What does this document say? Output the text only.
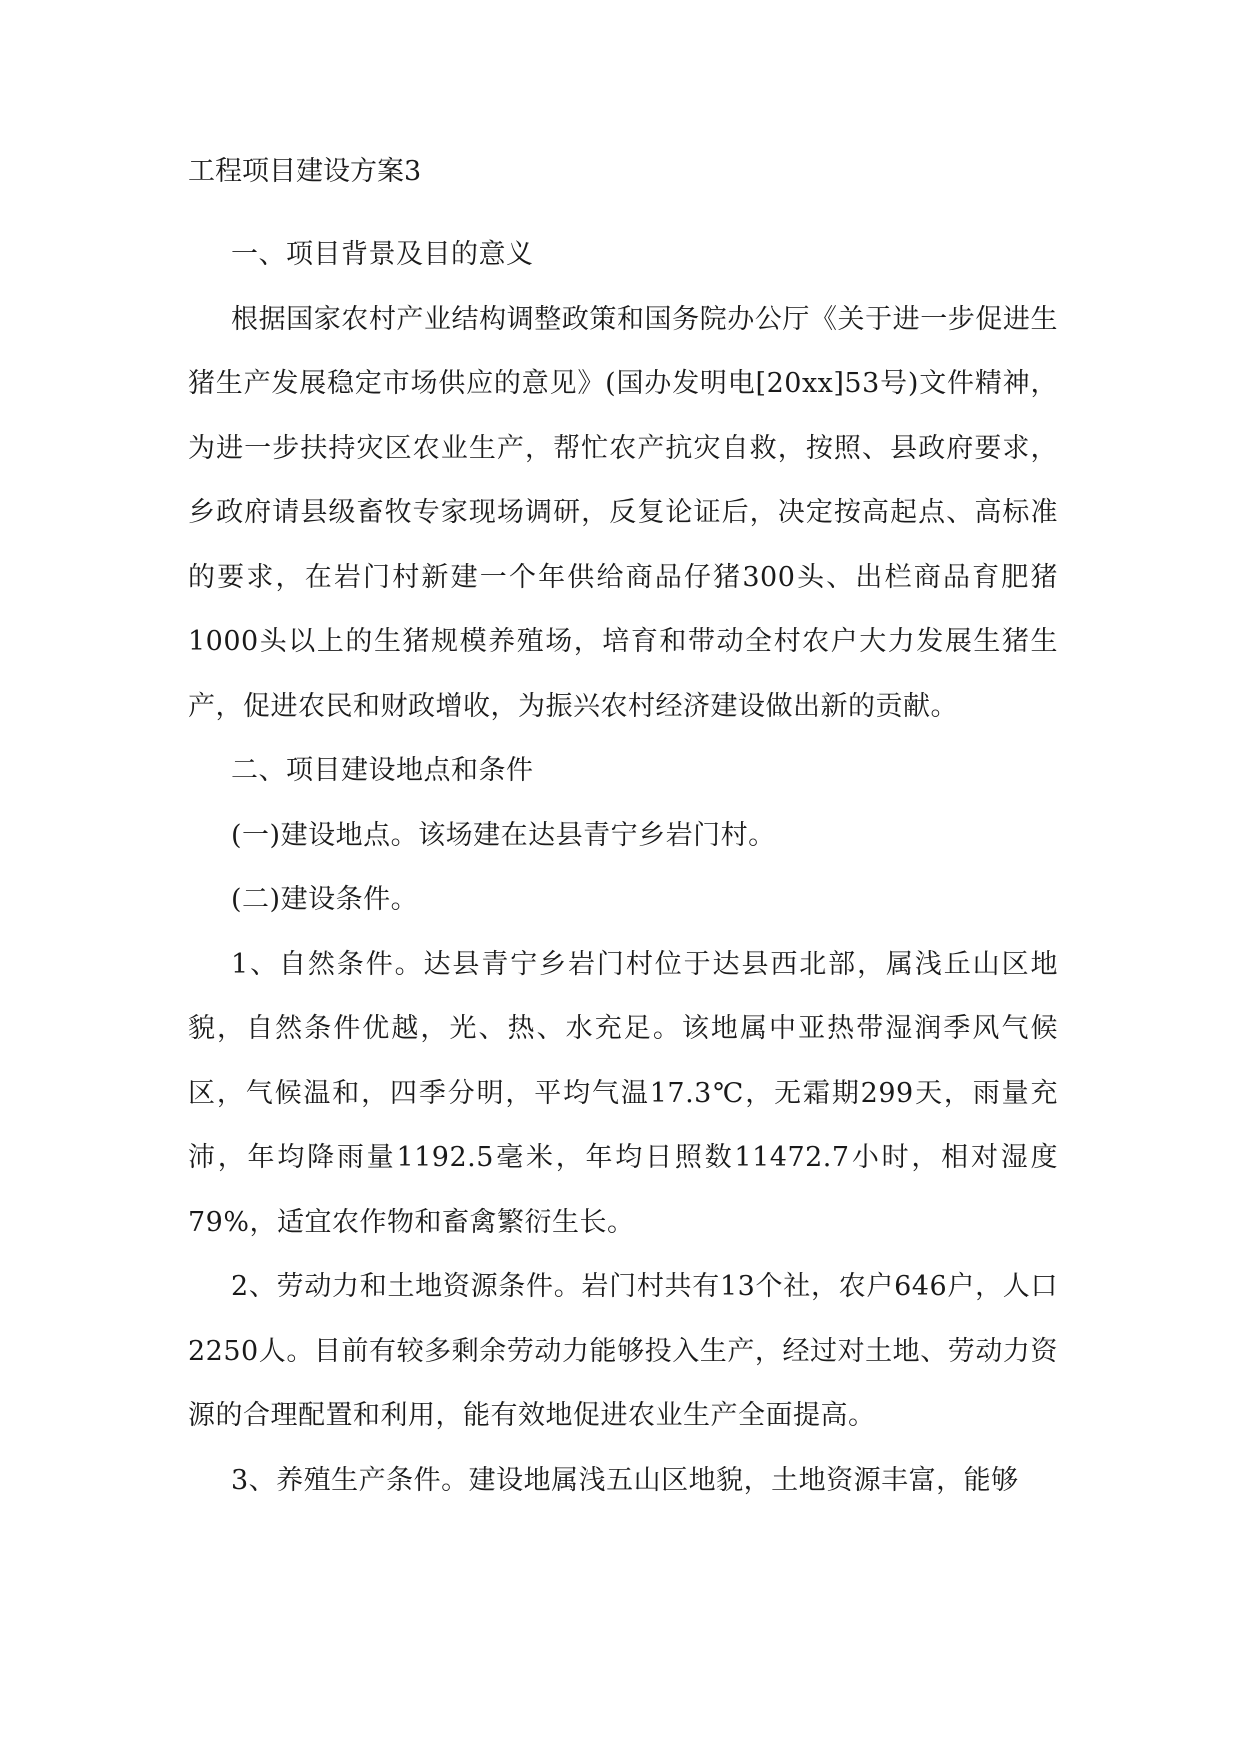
工程项目建设方案3

一、项目背景及目的意义

根据国家农村产业结构调整政策和国务院办公厅《关于进一步促进生猪生产发展稳定市场供应的意见》(国办发明电[20xx]53号)文件精神，为进一步扶持灾区农业生产，帮忙农产抗灾自救，按照、县政府要求，乡政府请县级畜牧专家现场调研，反复论证后，决定按高起点、高标准的要求，在岩门村新建一个年供给商品仔猪300头、出栏商品育肥猪1000头以上的生猪规模养殖场，培育和带动全村农户大力发展生猪生产，促进农民和财政增收，为振兴农村经济建设做出新的贡献。

二、项目建设地点和条件

(一)建设地点。该场建在达县青宁乡岩门村。

(二)建设条件。

1、自然条件。达县青宁乡岩门村位于达县西北部，属浅丘山区地貌，自然条件优越，光、热、水充足。该地属中亚热带湿润季风气候区，气候温和，四季分明，平均气温17.3℃，无霜期299天，雨量充沛，年均降雨量1192.5毫米，年均日照数11472.7小时，相对湿度79%，适宜农作物和畜禽繁衍生长。

2、劳动力和土地资源条件。岩门村共有13个社，农户646户，人口2250人。目前有较多剩余劳动力能够投入生产，经过对土地、劳动力资源的合理配置和利用，能有效地促进农业生产全面提高。

3、养殖生产条件。建设地属浅五山区地貌，土地资源丰富，能够
